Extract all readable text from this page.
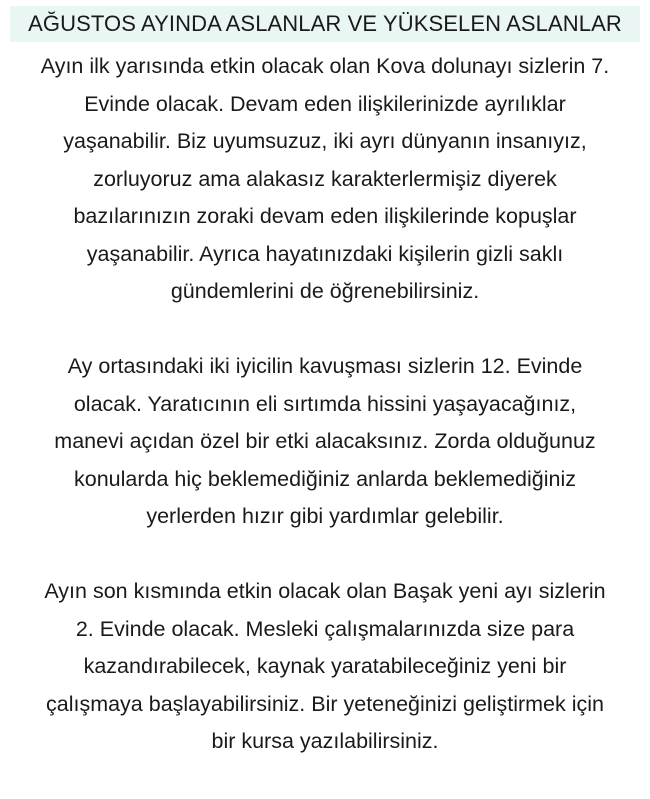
AĞUSTOS AYINDA ASLANLAR VE YÜKSELEN ASLANLAR

Ayın ilk yarısında etkin olacak olan Kova dolunayı sizlerin 7.
Evinde olacak. Devam eden ilişkilerinizde ayrılıklar
yaşanabilir. Biz uyumsuzuz, iki ayrı dünyanın insanıyız,
zorluyoruz ama alakasız karakterlermişiz diyerek
bazılarınızın zoraki devam eden ilişkilerinde kopuşlar
yaşanabilir. Ayrıca hayatınızdaki kişilerin gizli saklı
gündemlerini de öğrenebilirsiniz.

Ay ortasındaki iki iyicilin kavuşması sizlerin 12. Evinde
olacak. Yaratıcının eli sırtımda hissini yaşayacağınız,
manevi açıdan özel bir etki alacaksınız. Zorda olduğunuz
konularda hiç beklemediğiniz anlarda beklemediğiniz
yerlerden hızır gibi yardımlar gelebilir.

Ayın son kısmında etkin olacak olan Başak yeni ayı sizlerin
2. Evinde olacak. Mesleki çalışmalarınızda size para
kazandırabilecek, kaynak yaratabileceğiniz yeni bir
çalışmaya başlayabilirsiniz. Bir yeteneğinizi geliştirmek için
bir kursa yazılabilirsiniz.
